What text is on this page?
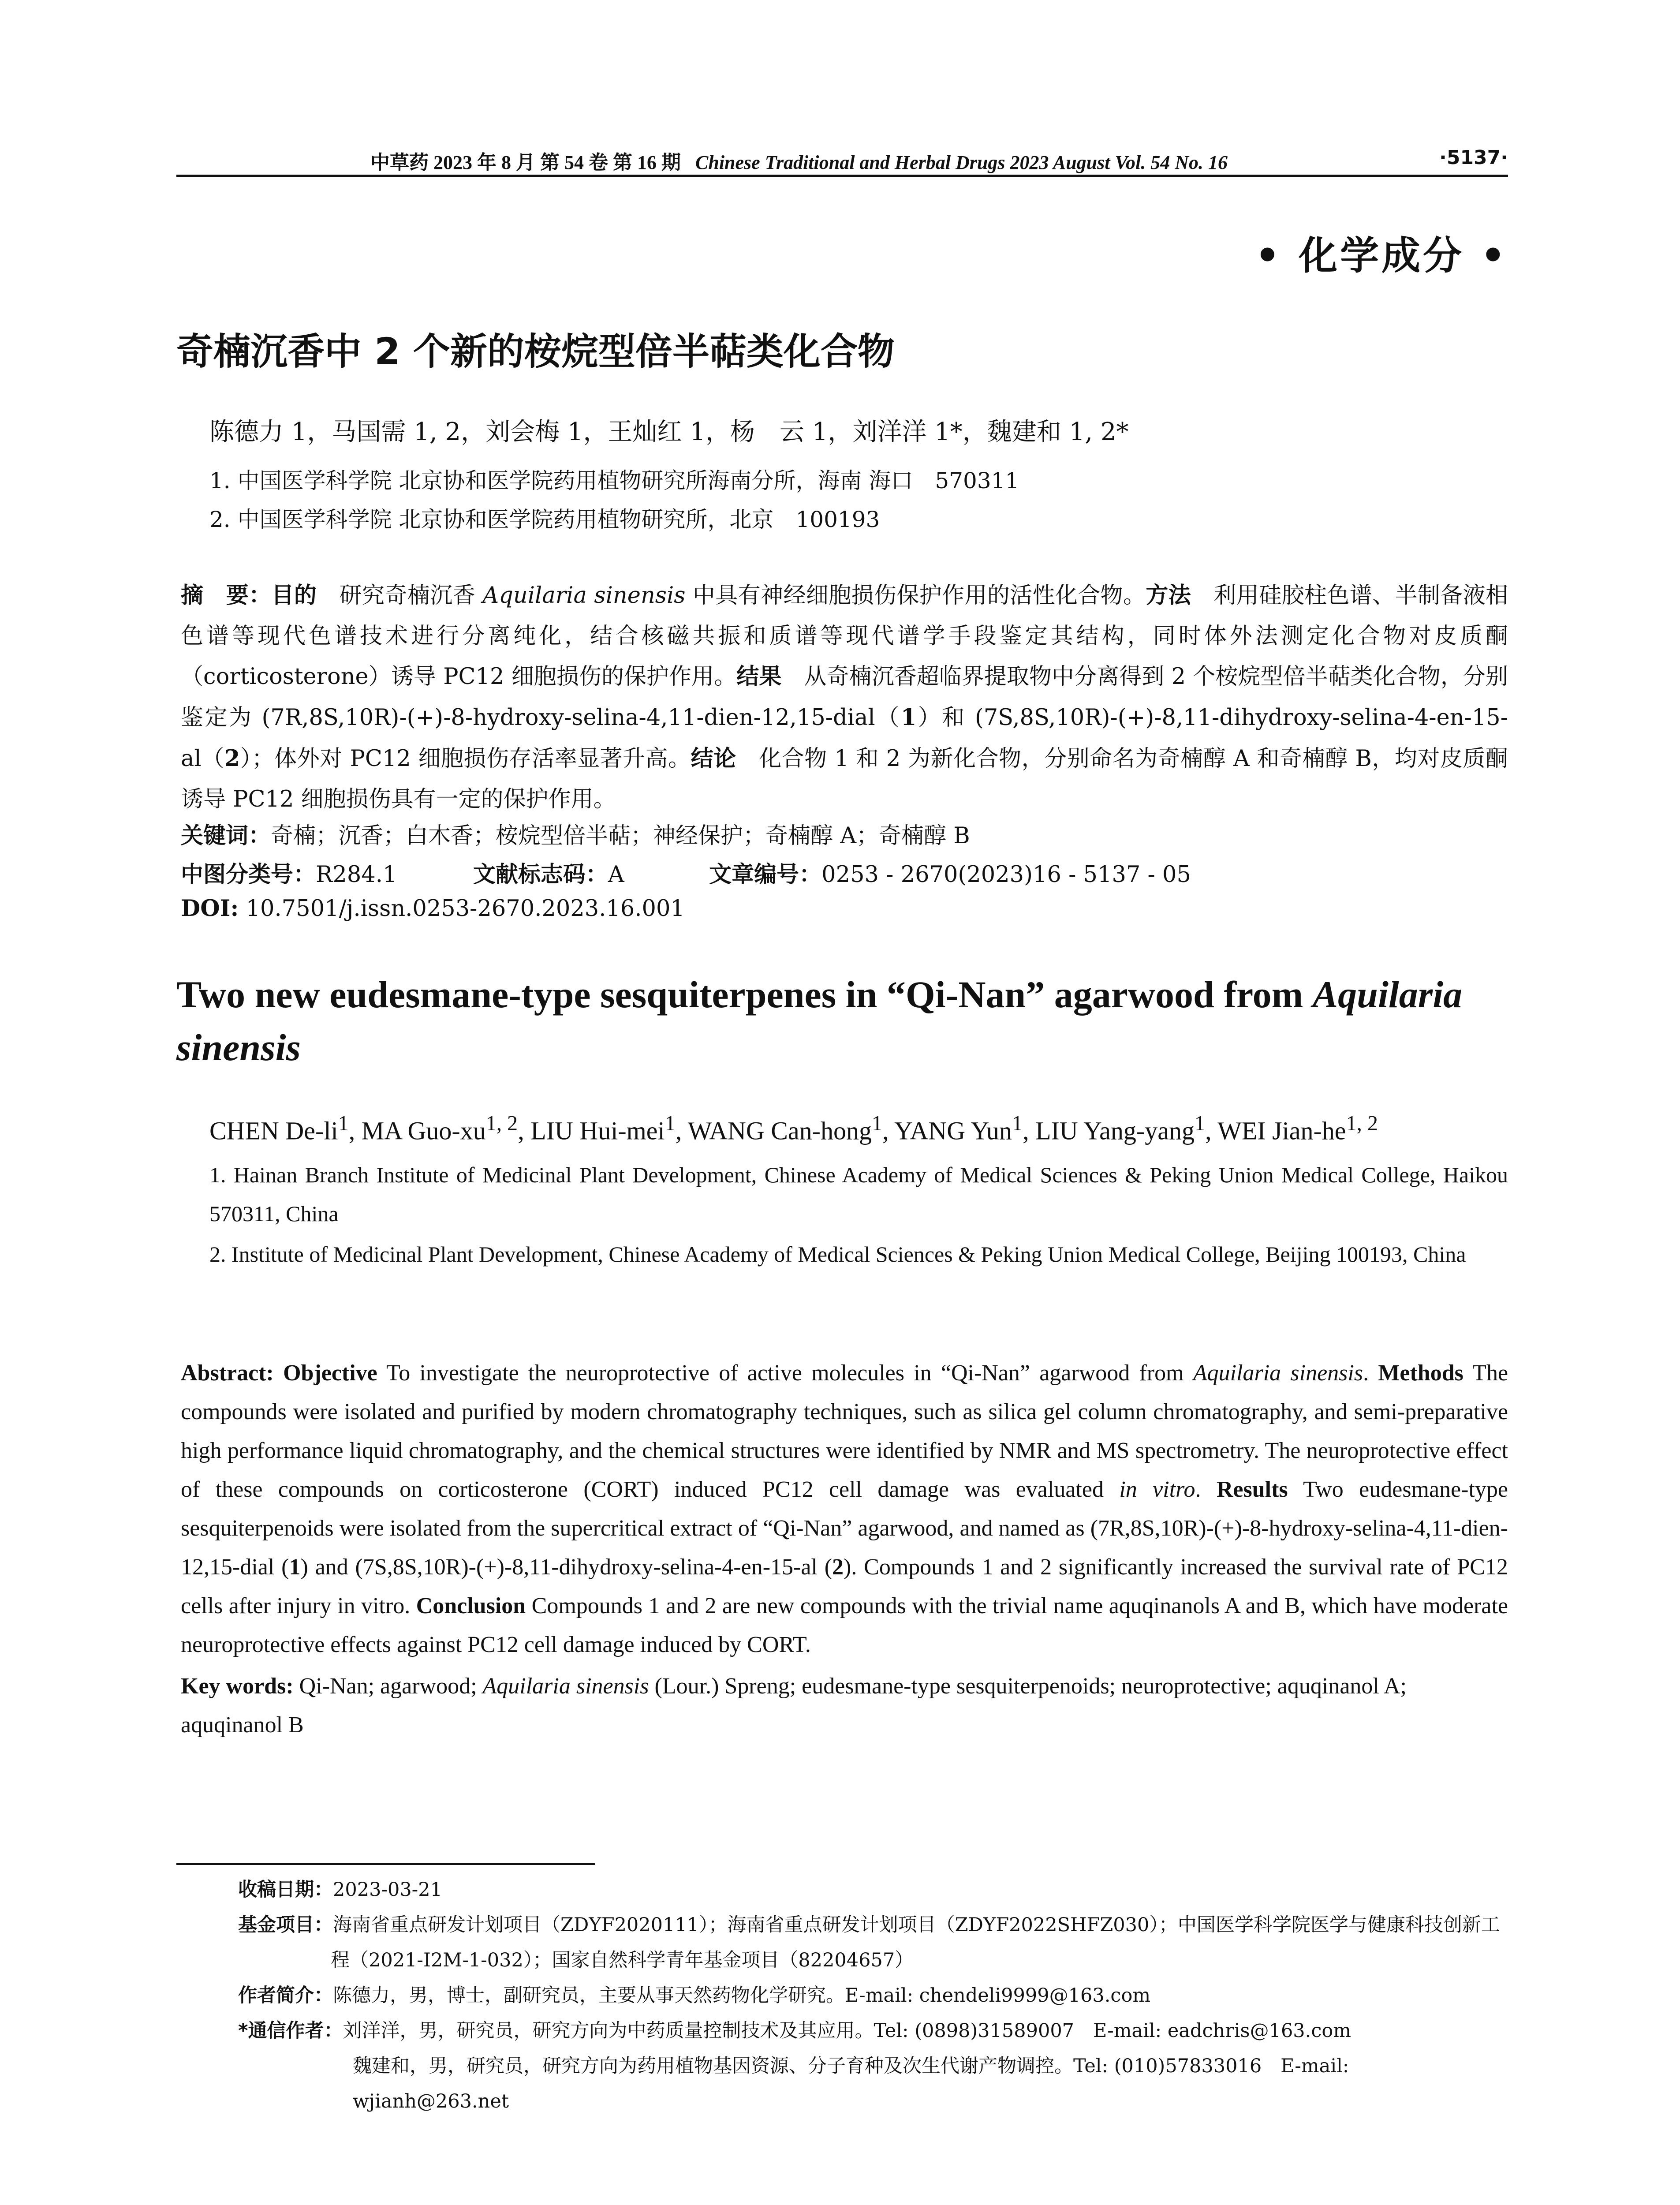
中草药 2023 年 8 月 第 54 卷 第 16 期 Chinese Traditional and Herbal Drugs 2023 August Vol. 54 No. 16	·5137·
• 化学成分 •
奇楠沉香中 2 个新的桉烷型倍半萜类化合物
陈德力 1，马国需 1, 2，刘会梅 1，王灿红 1，杨　云 1，刘洋洋 1*，魏建和 1, 2*
1. 中国医学科学院 北京协和医学院药用植物研究所海南分所，海南 海口　570311
2. 中国医学科学院 北京协和医学院药用植物研究所，北京　100193
摘　要：目的　研究奇楠沉香 Aquilaria sinensis 中具有神经细胞损伤保护作用的活性化合物。方法　利用硅胶柱色谱、半制备液相色谱等现代色谱技术进行分离纯化，结合核磁共振和质谱等现代谱学手段鉴定其结构，同时体外法测定化合物对皮质酮（corticosterone）诱导 PC12 细胞损伤的保护作用。结果　从奇楠沉香超临界提取物中分离得到 2 个桉烷型倍半萜类化合物，分别鉴定为 (7R,8S,10R)-(+)-8-hydroxy-selina-4,11-dien-12,15-dial（1）和 (7S,8S,10R)-(+)-8,11-dihydroxy-selina-4-en-15-al（2）；体外对 PC12 细胞损伤存活率显著升高。结论　化合物 1 和 2 为新化合物，分别命名为奇楠醇 A 和奇楠醇 B，均对皮质酮诱导 PC12 细胞损伤具有一定的保护作用。
关键词：奇楠；沉香；白木香；桉烷型倍半萜；神经保护；奇楠醇 A；奇楠醇 B
中图分类号：R284.1	文献标志码：A	文章编号：0253 - 2670(2023)16 - 5137 - 05
DOI: 10.7501/j.issn.0253-2670.2023.16.001
Two new eudesmane-type sesquiterpenes in “Qi-Nan” agarwood from Aquilaria sinensis
CHEN $De-li^1$, MA Guo-xu$^{1, 2}$, LIU Hui-mei$^1$, WANG Can-hong$^1$, YANG Yun$^1$, LIU Yang-yang$^1$, WEI Jian-he$^{1, 2}$
1. Hainan Branch Institute of Medicinal Plant Development, Chinese Academy of Medical Sciences & Peking Union Medical College, Haikou 570311, China
2. Institute of Medicinal Plant Development, Chinese Academy of Medical Sciences & Peking Union Medical College, Beijing 100193, China
Abstract: Objective To investigate the neuroprotective of active molecules in “Qi-Nan” agarwood from Aquilaria sinensis. Methods The compounds were isolated and purified by modern chromatography techniques, such as silica gel column chromatography, and semi-preparative high performance liquid chromatography, and the chemical structures were identified by NMR and MS spectrometry. The neuroprotective effect of these compounds on corticosterone (CORT) induced PC12 cell damage was evaluated in vitro. Results Two eudesmane-type sesquiterpenoids were isolated from the supercritical extract of “Qi-Nan” agarwood, and named as (7R,8S,10R)-(+)-8-hydroxy-selina-4,11-dien-12,15-dial (1) and (7S,8S,10R)-(+)-8,11-dihydroxy-selina-4-en-15-al (2). Compounds 1 and 2 significantly increased the survival rate of PC12 cells after injury in vitro. Conclusion Compounds 1 and 2 are new compounds with the trivial name aquqinanols A and B, which have moderate neuroprotective effects against PC12 cell damage induced by CORT.
Key words: Qi-Nan; agarwood; Aquilaria sinensis (Lour.) Spreng; eudesmane-type sesquiterpenoids; neuroprotective; aquqinanol A; aquqinanol B
收稿日期：2023-03-21
基金项目：海南省重点研发计划项目（ZDYF2020111）；海南省重点研发计划项目（ZDYF2022SHFZ030）；中国医学科学院医学与健康科技创新工程（2021-I2M-1-032）；国家自然科学青年基金项目（82204657）
作者简介：陈德力，男，博士，副研究员，主要从事天然药物化学研究。E-mail: chendeli9999@163.com
*通信作者：刘洋洋，男，研究员，研究方向为中药质量控制技术及其应用。Tel: (0898)31589007　E-mail: eadchris@163.com
魏建和，男，研究员，研究方向为药用植物基因资源、分子育种及次生代谢产物调控。Tel: (010)57833016　E-mail: wjianh@263.net
